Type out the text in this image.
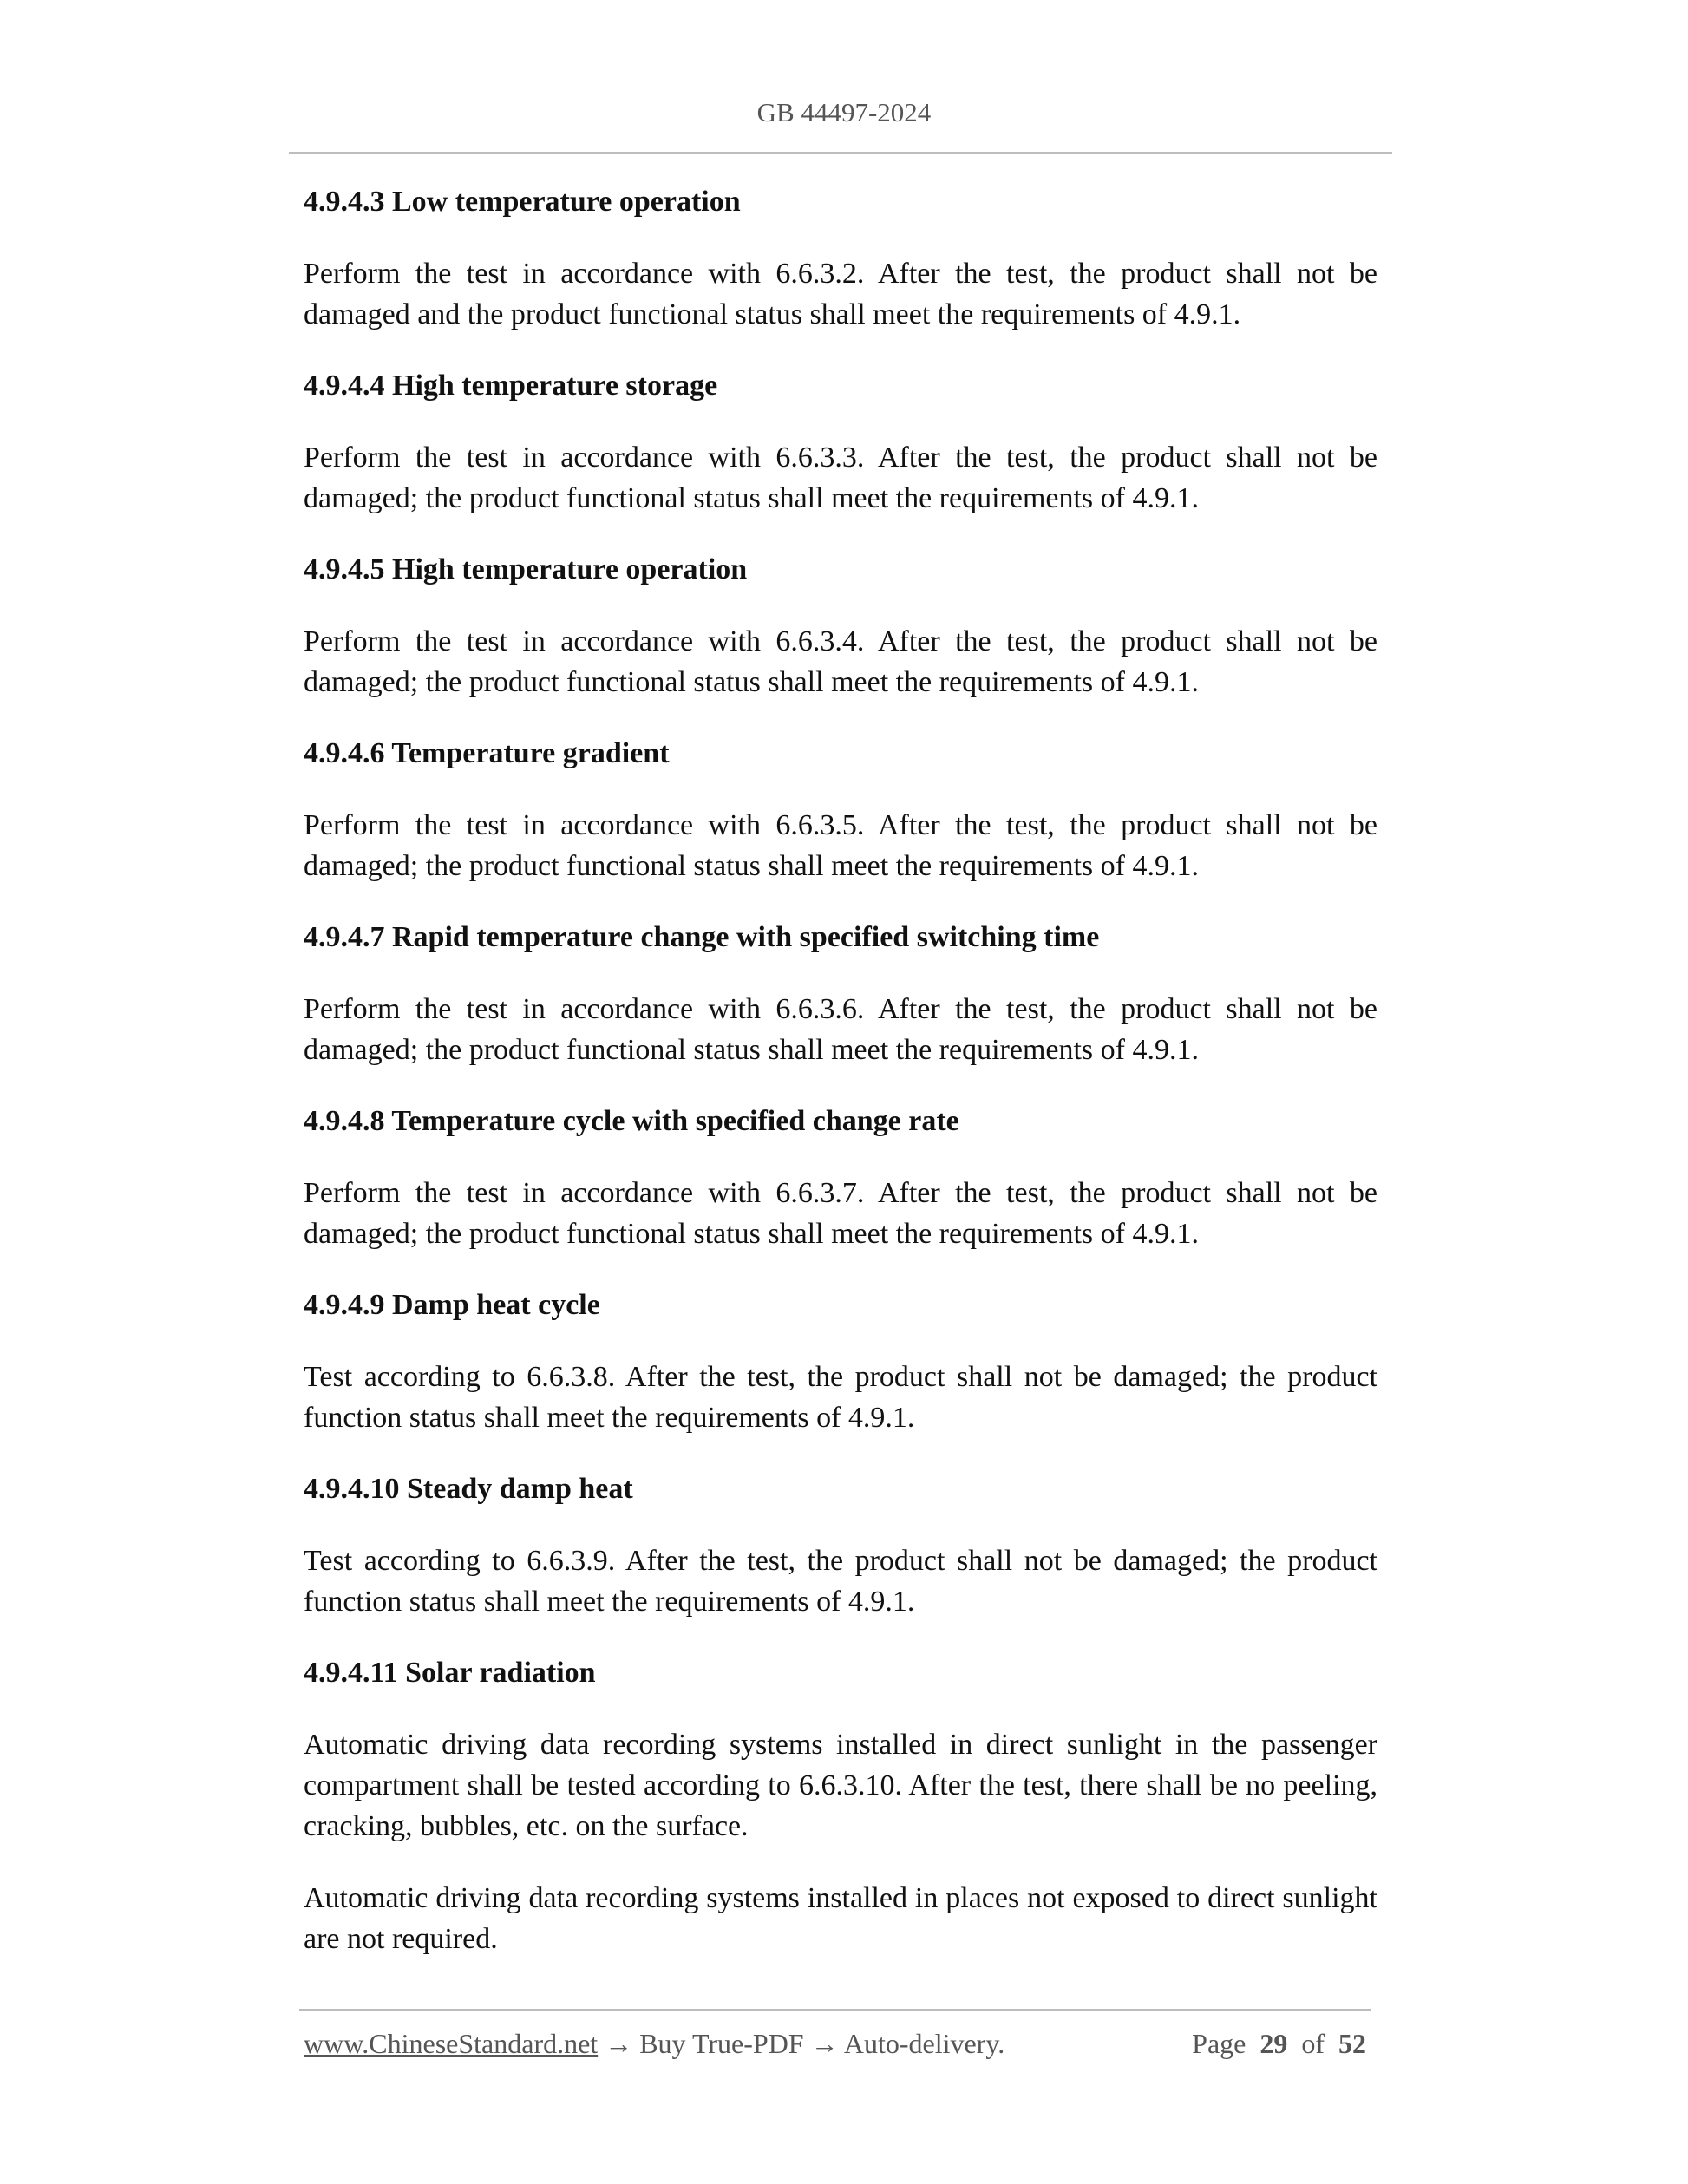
GB 44497-2024
4.9.4.3 Low temperature operation
Perform the test in accordance with 6.6.3.2. After the test, the product shall not be damaged and the product functional status shall meet the requirements of 4.9.1.
4.9.4.4 High temperature storage
Perform the test in accordance with 6.6.3.3. After the test, the product shall not be damaged; the product functional status shall meet the requirements of 4.9.1.
4.9.4.5 High temperature operation
Perform the test in accordance with 6.6.3.4. After the test, the product shall not be damaged; the product functional status shall meet the requirements of 4.9.1.
4.9.4.6 Temperature gradient
Perform the test in accordance with 6.6.3.5. After the test, the product shall not be damaged; the product functional status shall meet the requirements of 4.9.1.
4.9.4.7 Rapid temperature change with specified switching time
Perform the test in accordance with 6.6.3.6. After the test, the product shall not be damaged; the product functional status shall meet the requirements of 4.9.1.
4.9.4.8 Temperature cycle with specified change rate
Perform the test in accordance with 6.6.3.7. After the test, the product shall not be damaged; the product functional status shall meet the requirements of 4.9.1.
4.9.4.9 Damp heat cycle
Test according to 6.6.3.8. After the test, the product shall not be damaged; the product function status shall meet the requirements of 4.9.1.
4.9.4.10 Steady damp heat
Test according to 6.6.3.9. After the test, the product shall not be damaged; the product function status shall meet the requirements of 4.9.1.
4.9.4.11 Solar radiation
Automatic driving data recording systems installed in direct sunlight in the passenger compartment shall be tested according to 6.6.3.10. After the test, there shall be no peeling, cracking, bubbles, etc. on the surface.
Automatic driving data recording systems installed in places not exposed to direct sunlight are not required.
www.ChineseStandard.net → Buy True-PDF → Auto-delivery.	Page 29 of 52
